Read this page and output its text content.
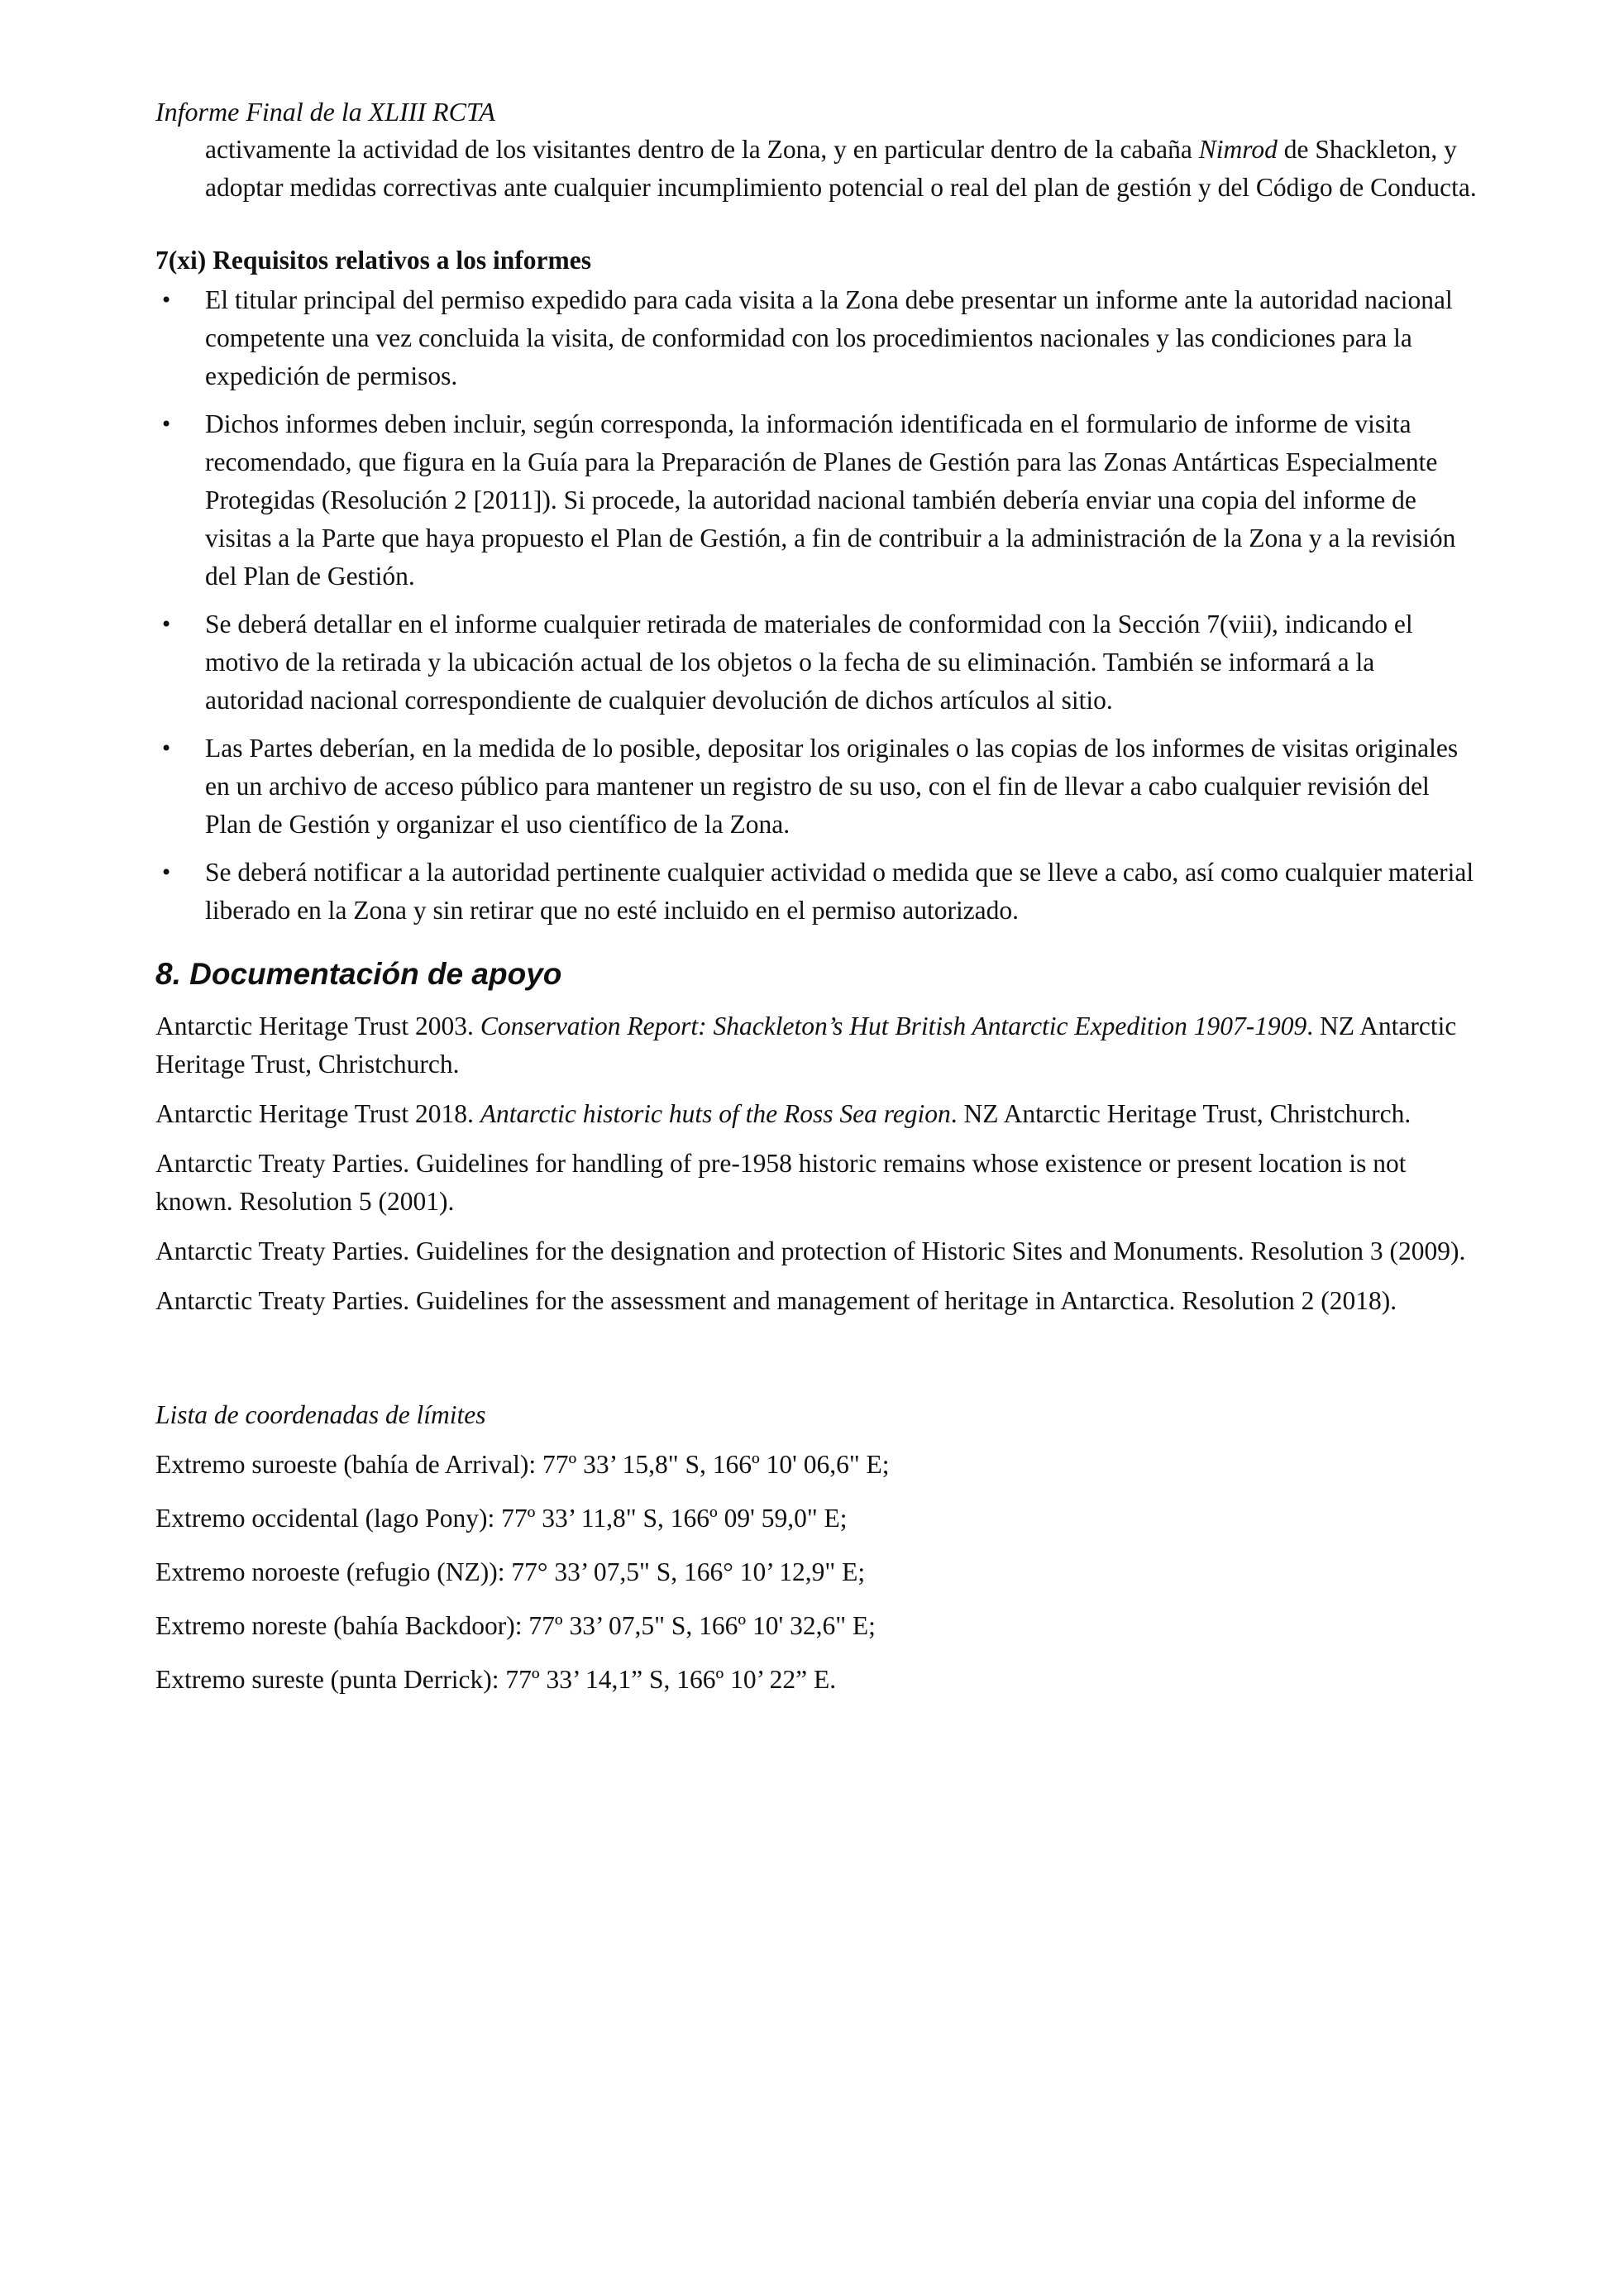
Informe Final de la XLIII RCTA

activamente la actividad de los visitantes dentro de la Zona, y en particular dentro de la cabaña Nimrod de Shackleton, y adoptar medidas correctivas ante cualquier incumplimiento potencial o real del plan de gestión y del Código de Conducta.

7(xi) Requisitos relativos a los informes

• El titular principal del permiso expedido para cada visita a la Zona debe presentar un informe ante la autoridad nacional competente una vez concluida la visita, de conformidad con los procedimientos nacionales y las condiciones para la expedición de permisos.
• Dichos informes deben incluir, según corresponda, la información identificada en el formulario de informe de visita recomendado, que figura en la Guía para la Preparación de Planes de Gestión para las Zonas Antárticas Especialmente Protegidas (Resolución 2 [2011]). Si procede, la autoridad nacional también debería enviar una copia del informe de visitas a la Parte que haya propuesto el Plan de Gestión, a fin de contribuir a la administración de la Zona y a la revisión del Plan de Gestión.
• Se deberá detallar en el informe cualquier retirada de materiales de conformidad con la Sección 7(viii), indicando el motivo de la retirada y la ubicación actual de los objetos o la fecha de su eliminación. También se informará a la autoridad nacional correspondiente de cualquier devolución de dichos artículos al sitio.
• Las Partes deberían, en la medida de lo posible, depositar los originales o las copias de los informes de visitas originales en un archivo de acceso público para mantener un registro de su uso, con el fin de llevar a cabo cualquier revisión del Plan de Gestión y organizar el uso científico de la Zona.
• Se deberá notificar a la autoridad pertinente cualquier actividad o medida que se lleve a cabo, así como cualquier material liberado en la Zona y sin retirar que no esté incluido en el permiso autorizado.
8. Documentación de apoyo

Antarctic Heritage Trust 2003. Conservation Report: Shackleton’s Hut British Antarctic Expedition 1907-1909. NZ Antarctic Heritage Trust, Christchurch.

Antarctic Heritage Trust 2018. Antarctic historic huts of the Ross Sea region. NZ Antarctic Heritage Trust, Christchurch.

Antarctic Treaty Parties. Guidelines for handling of pre-1958 historic remains whose existence or present location is not known. Resolution 5 (2001).

Antarctic Treaty Parties. Guidelines for the designation and protection of Historic Sites and Monuments. Resolution 3 (2009).

Antarctic Treaty Parties. Guidelines for the assessment and management of heritage in Antarctica. Resolution 2 (2018).

Lista de coordenadas de límites

Extremo suroeste (bahía de Arrival): 77º 33’ 15,8" S, 166º 10' 06,6" E;

Extremo occidental (lago Pony): 77º 33’ 11,8" S, 166º 09' 59,0" E;

Extremo noroeste (refugio (NZ)): 77° 33’ 07,5" S, 166° 10’ 12,9" E;

Extremo noreste (bahía Backdoor): 77º 33’ 07,5" S, 166º 10' 32,6" E;

Extremo sureste (punta Derrick): 77º 33’ 14,1” S, 166º 10’ 22” E.
